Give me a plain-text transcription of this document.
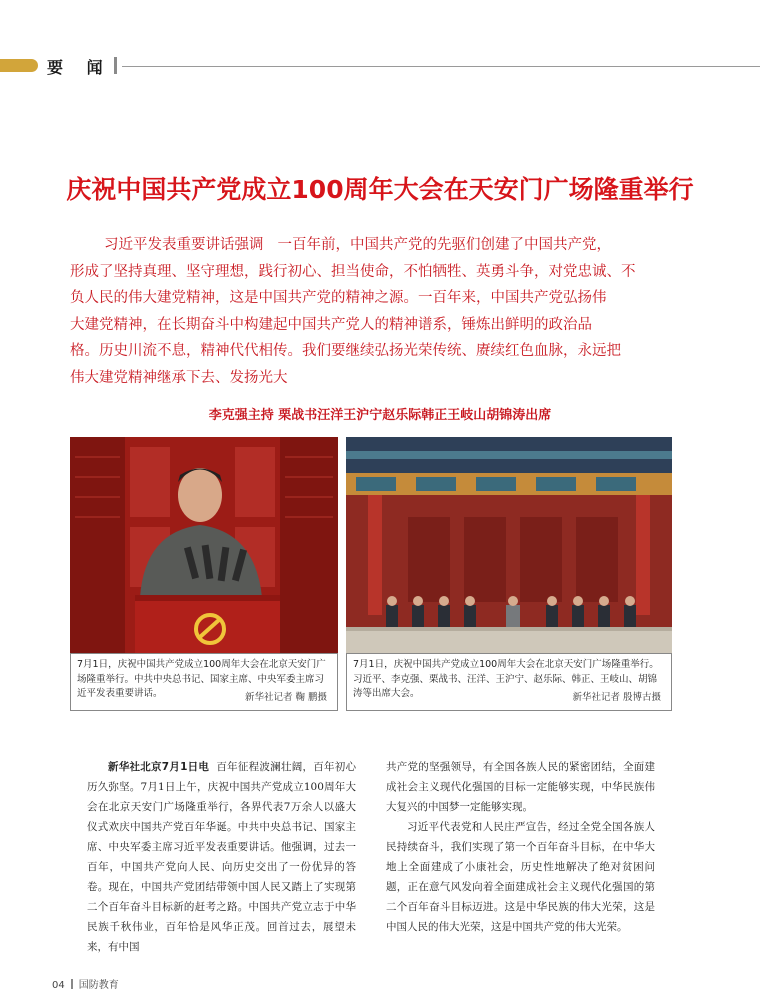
要 闻
庆祝中国共产党成立100周年大会在天安门广场隆重举行
习近平发表重要讲话强调 一百年前，中国共产党的先驱们创建了中国共产党，
形成了坚持真理、坚守理想，践行初心、担当使命，不怕牺牲、英勇斗争，对党忠诚、不
负人民的伟大建党精神，这是中国共产党的精神之源。一百年来，中国共产党弘扬伟
大建党精神，在长期奋斗中构建起中国共产党人的精神谱系，锤炼出鲜明的政治品
格。历史川流不息，精神代代相传。我们要继续弘扬光荣传统、赓续红色血脉，永远把
伟大建党精神继承下去、发扬光大
李克强主持 栗战书汪洋王沪宁赵乐际韩正王岐山胡锦涛出席
7月1日，庆祝中国共产党成立100周年大会在北京天安门广场隆重举行。中共中央总书记、国家主席、中央军委主席习近平发表重要讲话。	新华社记者 鞠 鹏摄
7月1日，庆祝中国共产党成立100周年大会在北京天安门广场隆重举行。习近平、李克强、栗战书、汪洋、王沪宁、赵乐际、韩正、王岐山、胡锦涛等出席大会。	新华社记者 殷博古摄

新华社北京7月1日电 百年征程波澜壮阔，百年初心历久弥坚。7月1日上午，庆祝中国共产党成立100周年大会在北京天安门广场隆重举行，各界代表7万余人以盛大仪式欢庆中国共产党百年华诞。中共中央总书记、国家主席、中央军委主席习近平发表重要讲话。他强调，过去一百年，中国共产党向人民、向历史交出了一份优异的答卷。现在，中国共产党团结带领中国人民又踏上了实现第二个百年奋斗目标新的赶考之路。中国共产党立志于中华民族千秋伟业，百年恰是风华正茂。回首过去，展望未来，有中国

共产党的坚强领导，有全国各族人民的紧密团结，全面建成社会主义现代化强国的目标一定能够实现，中华民族伟大复兴的中国梦一定能够实现。

习近平代表党和人民庄严宣告，经过全党全国各族人民持续奋斗，我们实现了第一个百年奋斗目标，在中华大地上全面建成了小康社会，历史性地解决了绝对贫困问题，正在意气风发向着全面建成社会主义现代化强国的第二个百年奋斗目标迈进。这是中华民族的伟大光荣，这是中国人民的伟大光荣，这是中国共产党的伟大光荣。

04 国防教育
